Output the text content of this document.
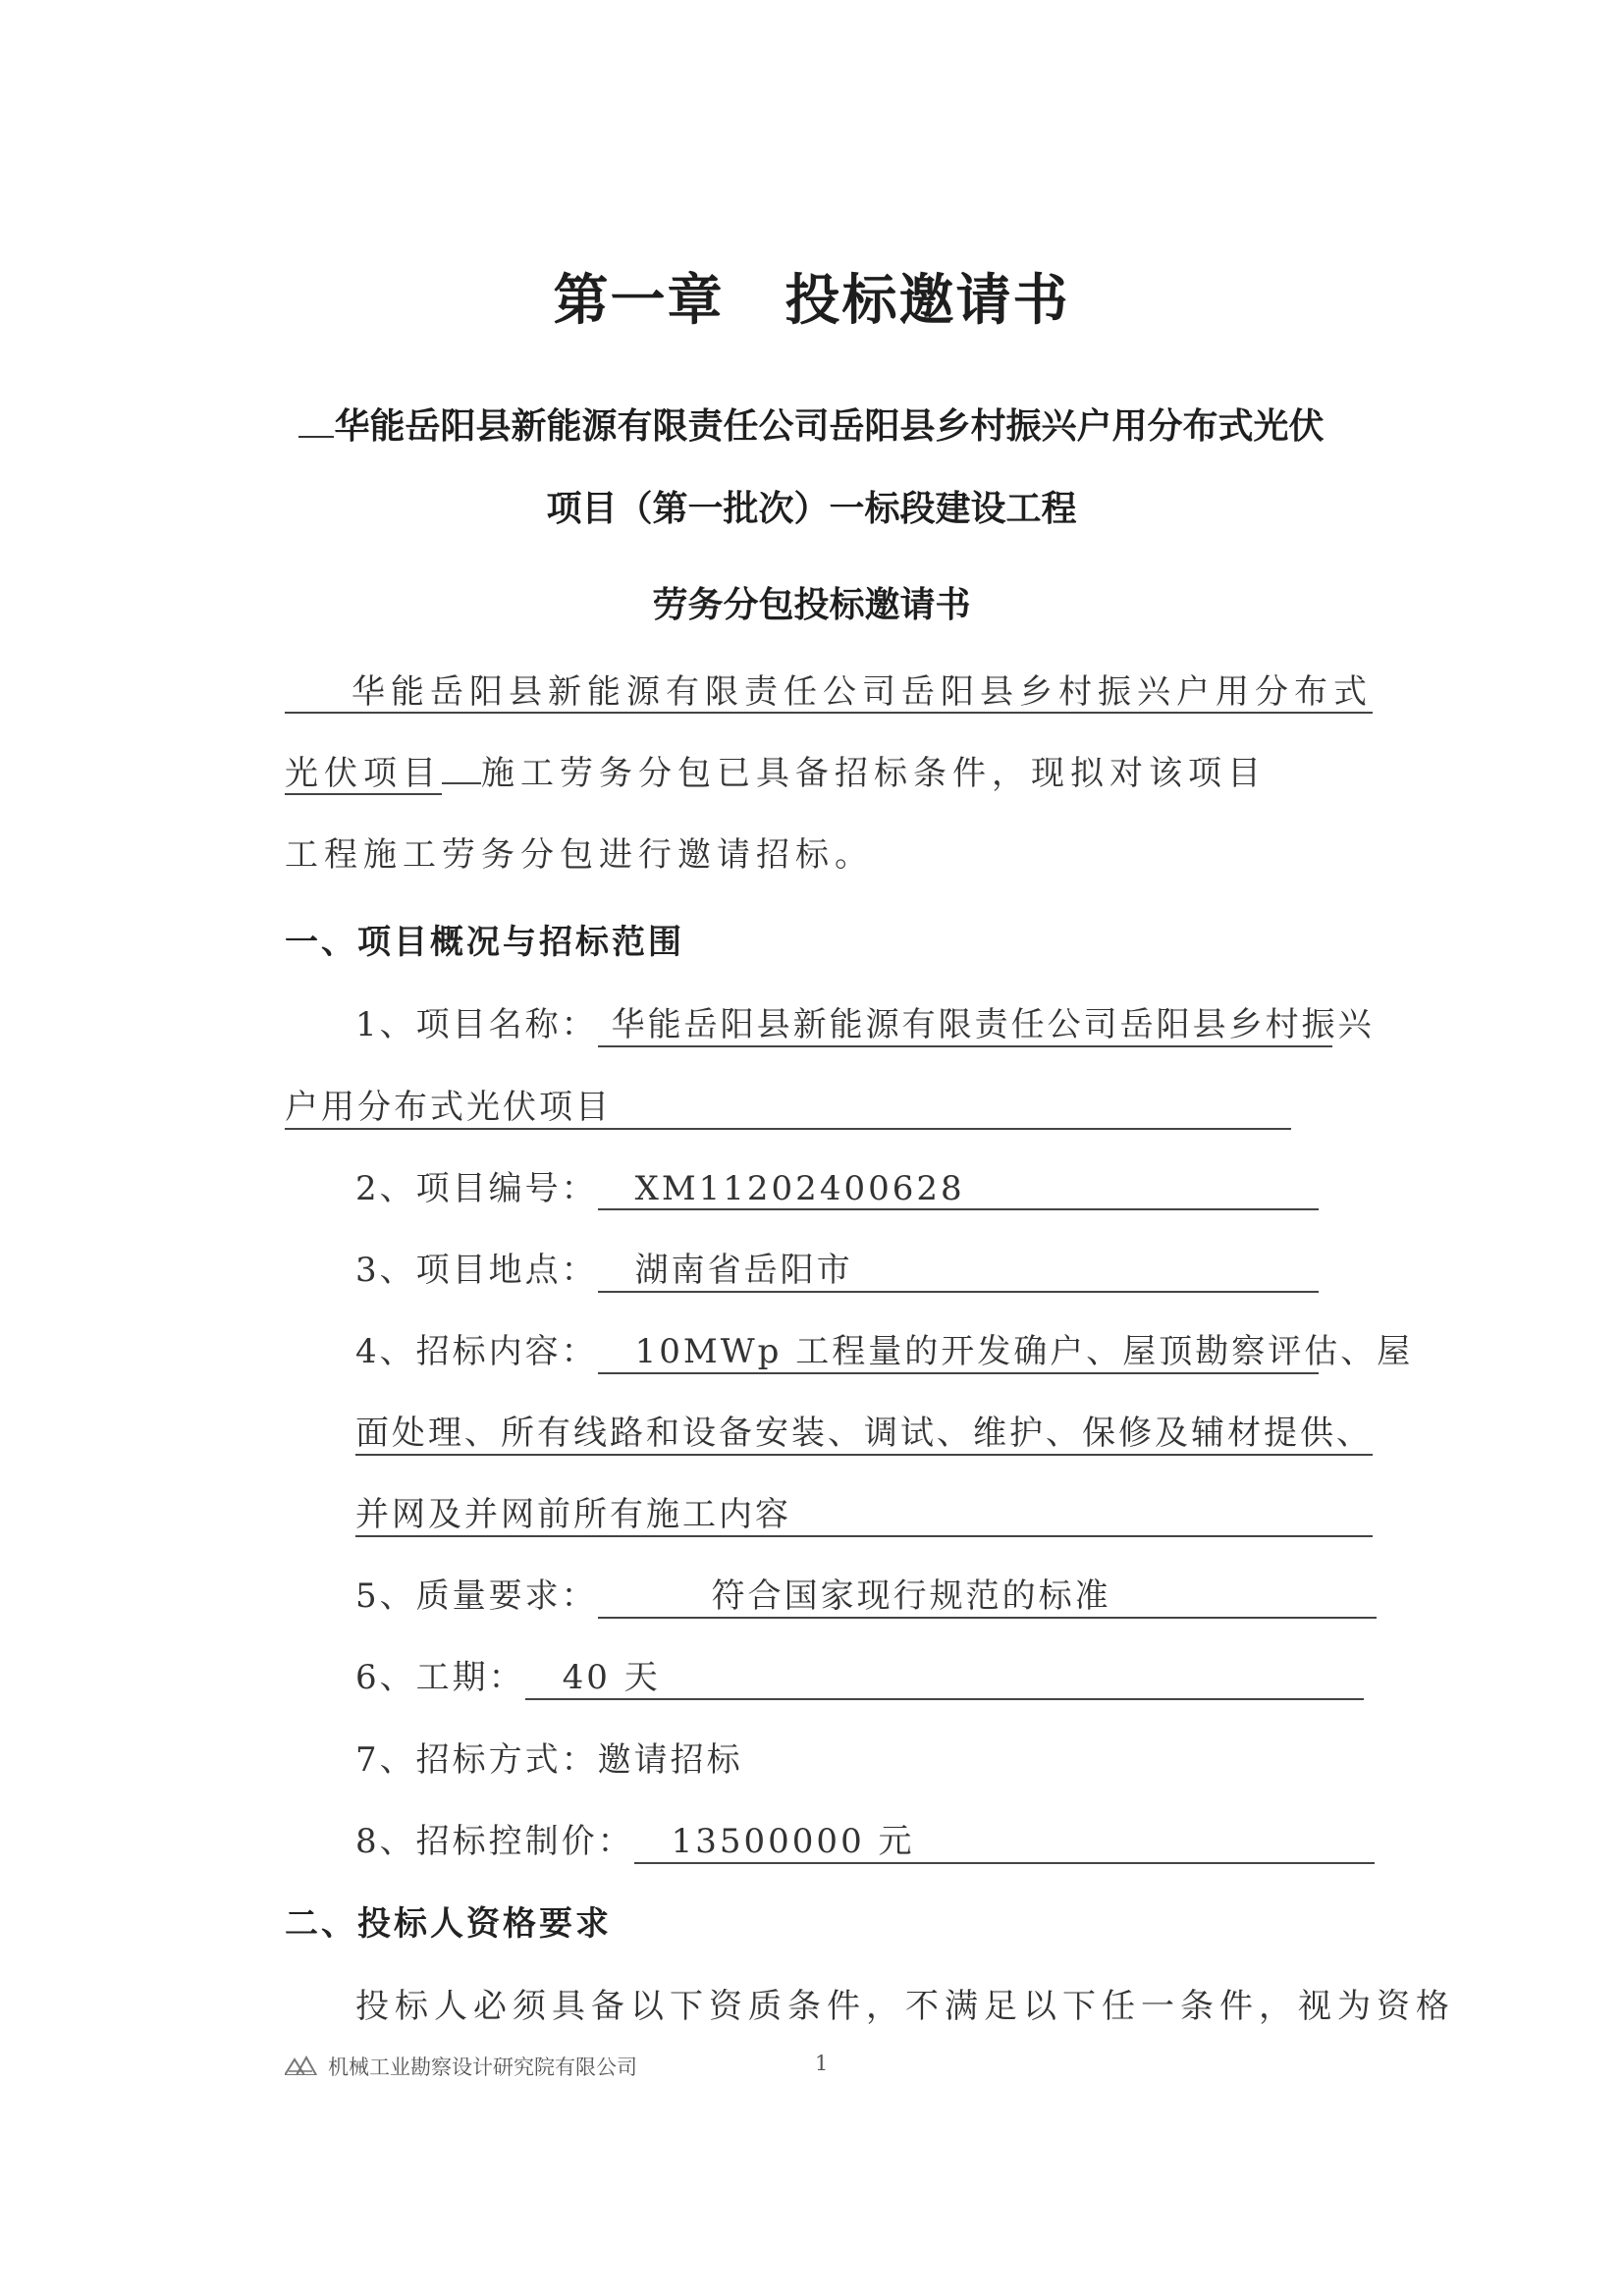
第一章 投标邀请书
华能岳阳县新能源有限责任公司岳阳县乡村振兴户用分布式光伏
项目（第一批次）一标段建设工程
劳务分包投标邀请书
华能岳阳县新能源有限责任公司岳阳县乡村振兴户用分布式
光伏项目 施工劳务分包已具备招标条件，现拟对该项目
工程施工劳务分包进行邀请招标。
一、项目概况与招标范围
1、项目名称： 华能岳阳县新能源有限责任公司岳阳县乡村振兴
户用分布式光伏项目
2、项目编号： XM11202400628
3、项目地点： 湖南省岳阳市
4、招标内容： 10MWp 工程量的开发确户、屋顶勘察评估、屋
面处理、所有线路和设备安装、调试、维护、保修及辅材提供、
并网及并网前所有施工内容
5、质量要求：	符合国家现行规范的标准
6、工期： 40 天
7、招标方式：邀请招标
8、招标控制价： 13500000 元
二、投标人资格要求
投标人必须具备以下资质条件，不满足以下任一条件，视为资格
机械工业勘察设计研究院有限公司	1
